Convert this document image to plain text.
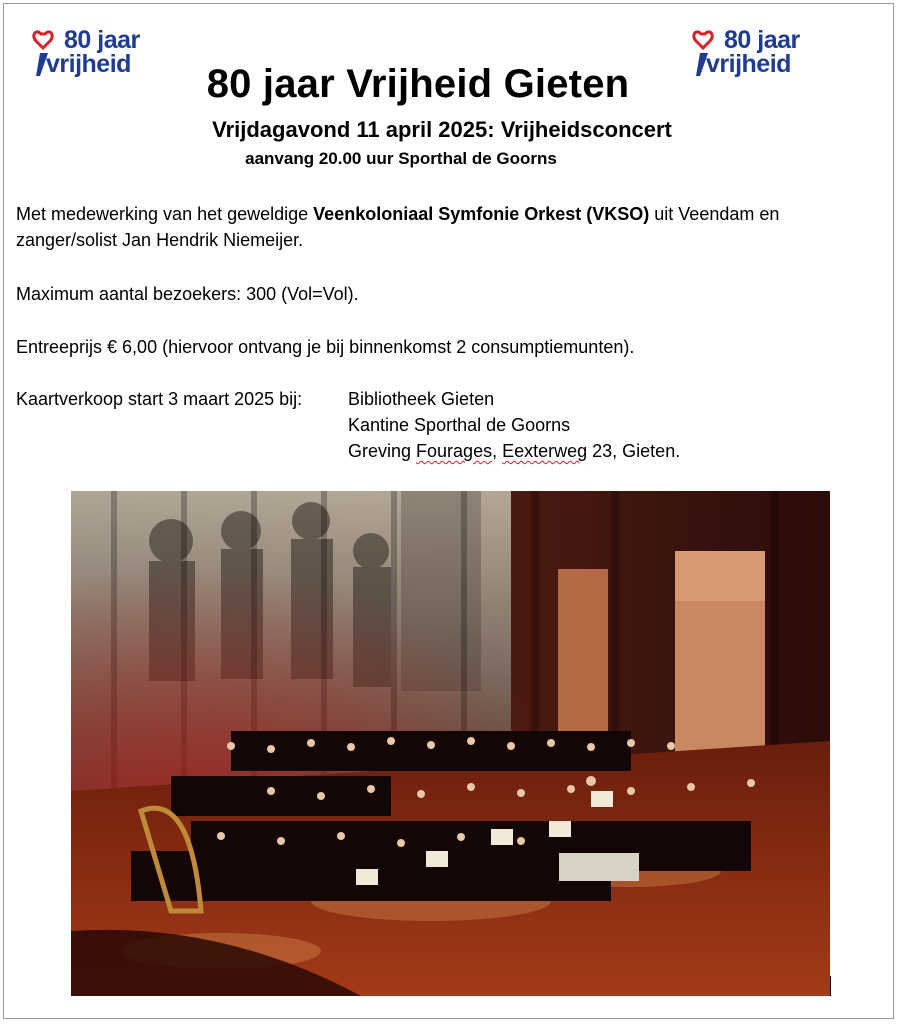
80 jaar
vrijheid
80 jaar
vrijheid
80 jaar Vrijheid Gieten
Vrijdagavond 11 april 2025: Vrijheidsconcert
aanvang 20.00 uur Sporthal de Goorns

Met medewerking van het geweldige Veenkoloniaal Symfonie Orkest (VKSO) uit Veendam en zanger/solist Jan Hendrik Niemeijer.

Maximum aantal bezoekers: 300 (Vol=Vol).

Entreeprijs € 6,00 (hiervoor ontvang je bij binnenkomst 2 consumptiemunten).

Kaartverkoop start 3 maart 2025 bij:	Bibliotheek Gieten
Kantine Sporthal de Goorns
Greving Fourages, Eexterweg 23, Gieten.
